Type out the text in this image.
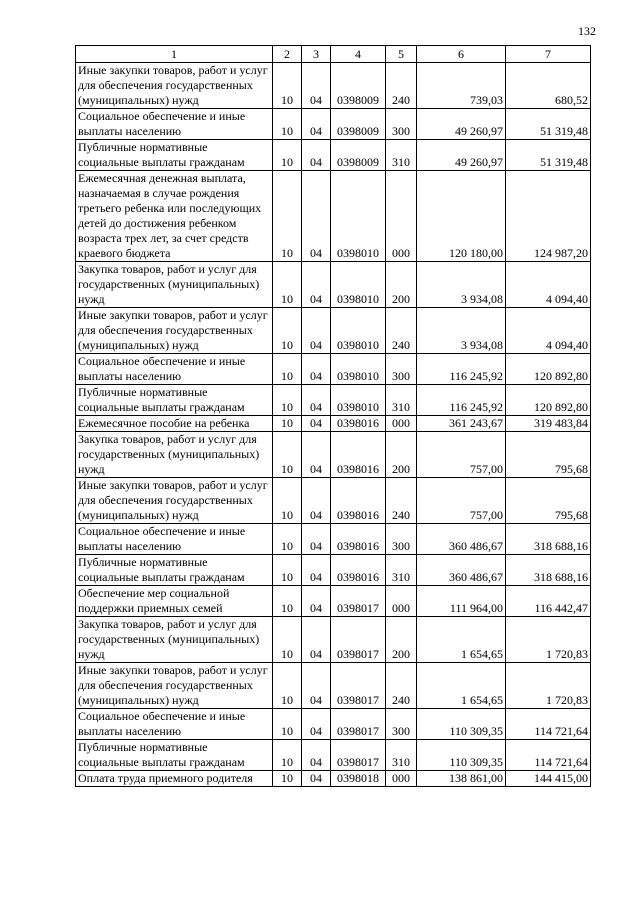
132
1	2	3	4	5	6	7
Иные закупки товаров, работ и услуг для обеспечения государственных (муниципальных) нужд	10	04	0398009	240	739,03	680,52
Социальное обеспечение и иные выплаты населению	10	04	0398009	300	49 260,97	51 319,48
Публичные нормативные социальные выплаты гражданам	10	04	0398009	310	49 260,97	51 319,48
Ежемесячная денежная выплата, назначаемая в случае рождения третьего ребенка или последующих детей до достижения ребенком возраста трех лет, за счет средств краевого бюджета	10	04	0398010	000	120 180,00	124 987,20
Закупка товаров, работ и услуг для государственных (муниципальных) нужд	10	04	0398010	200	3 934,08	4 094,40
Иные закупки товаров, работ и услуг для обеспечения государственных (муниципальных) нужд	10	04	0398010	240	3 934,08	4 094,40
Социальное обеспечение и иные выплаты населению	10	04	0398010	300	116 245,92	120 892,80
Публичные нормативные социальные выплаты гражданам	10	04	0398010	310	116 245,92	120 892,80
Ежемесячное пособие на ребенка	10	04	0398016	000	361 243,67	319 483,84
Закупка товаров, работ и услуг для государственных (муниципальных) нужд	10	04	0398016	200	757,00	795,68
Иные закупки товаров, работ и услуг для обеспечения государственных (муниципальных) нужд	10	04	0398016	240	757,00	795,68
Социальное обеспечение и иные выплаты населению	10	04	0398016	300	360 486,67	318 688,16
Публичные нормативные социальные выплаты гражданам	10	04	0398016	310	360 486,67	318 688,16
Обеспечение мер социальной поддержки приемных семей	10	04	0398017	000	111 964,00	116 442,47
Закупка товаров, работ и услуг для государственных (муниципальных) нужд	10	04	0398017	200	1 654,65	1 720,83
Иные закупки товаров, работ и услуг для обеспечения государственных (муниципальных) нужд	10	04	0398017	240	1 654,65	1 720,83
Социальное обеспечение и иные выплаты населению	10	04	0398017	300	110 309,35	114 721,64
Публичные нормативные социальные выплаты гражданам	10	04	0398017	310	110 309,35	114 721,64
Оплата труда приемного родителя	10	04	0398018	000	138 861,00	144 415,00
